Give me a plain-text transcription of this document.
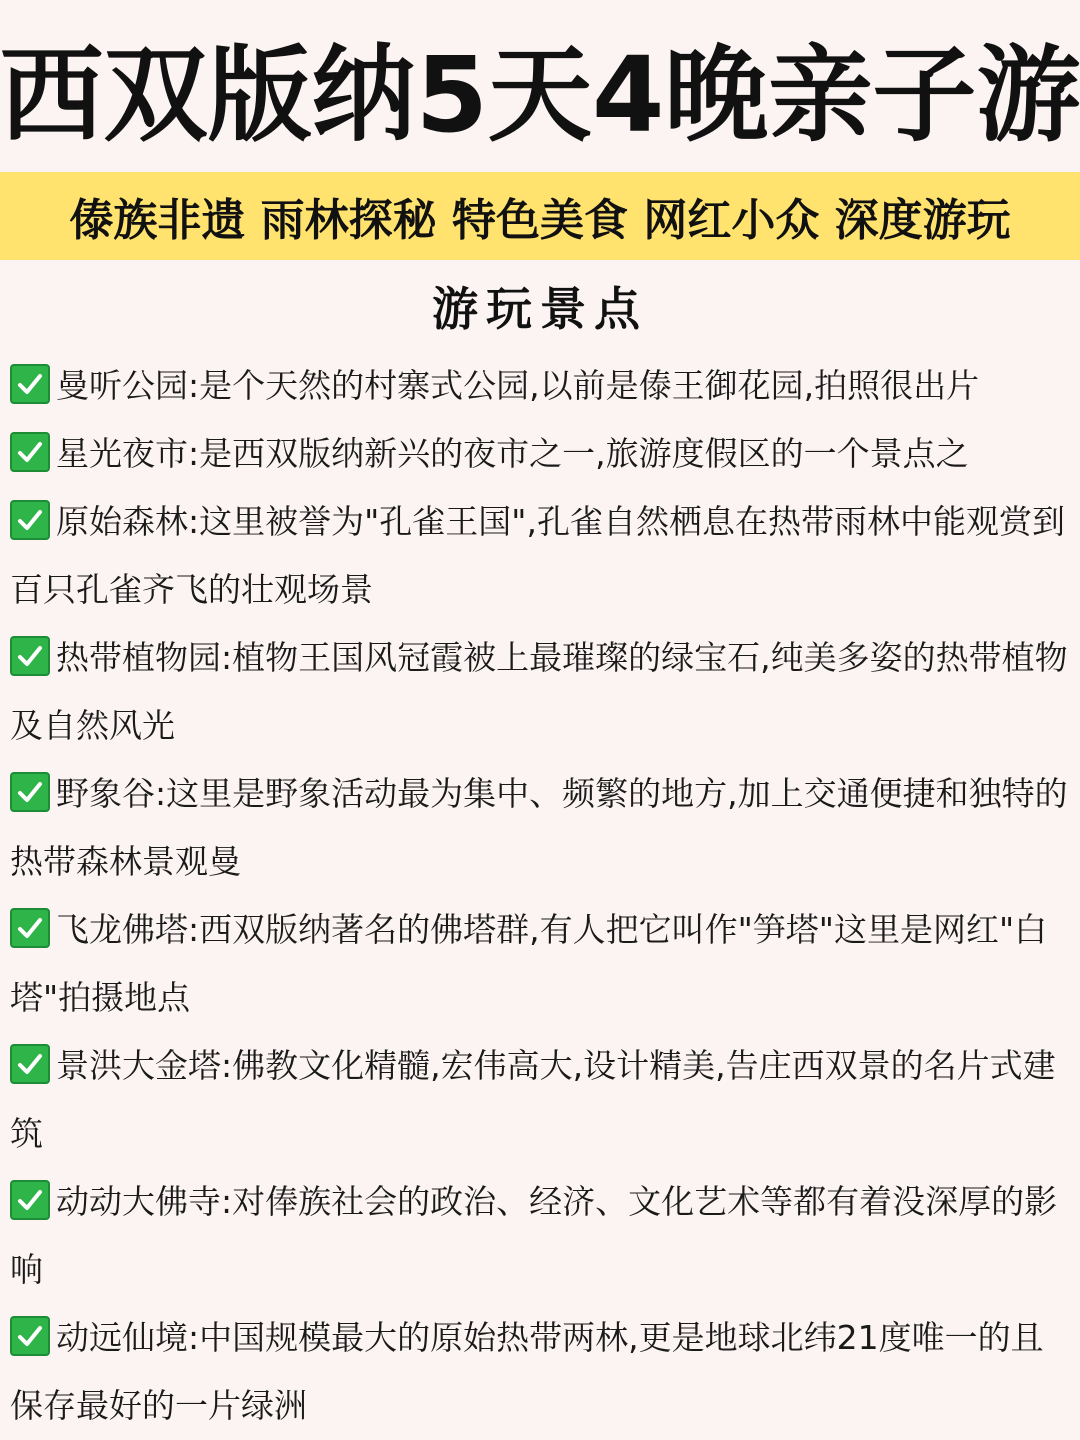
西双版纳5天4晚亲子游
傣族非遗 雨林探秘 特色美食 网红小众 深度游玩
游玩景点
曼听公园:是个天然的村寨式公园,以前是傣王御花园,拍照很出片
星光夜市:是西双版纳新兴的夜市之一,旅游度假区的一个景点之
原始森林:这里被誉为"孔雀王国",孔雀自然栖息在热带雨林中能观赏到百只孔雀齐飞的壮观场景
热带植物园:植物王国风冠霞被上最璀璨的绿宝石,纯美多姿的热带植物及自然风光
野象谷:这里是野象活动最为集中、频繁的地方,加上交通便捷和独特的热带森林景观曼
飞龙佛塔:西双版纳著名的佛塔群,有人把它叫作"笋塔"这里是网红"白塔"拍摄地点
景洪大金塔:佛教文化精髓,宏伟高大,设计精美,告庄西双景的名片式建筑
动动大佛寺:对俸族社会的政治、经济、文化艺术等都有着没深厚的影响
动远仙境:中国规模最大的原始热带两林,更是地球北纬21度唯一的且保存最好的一片绿洲
